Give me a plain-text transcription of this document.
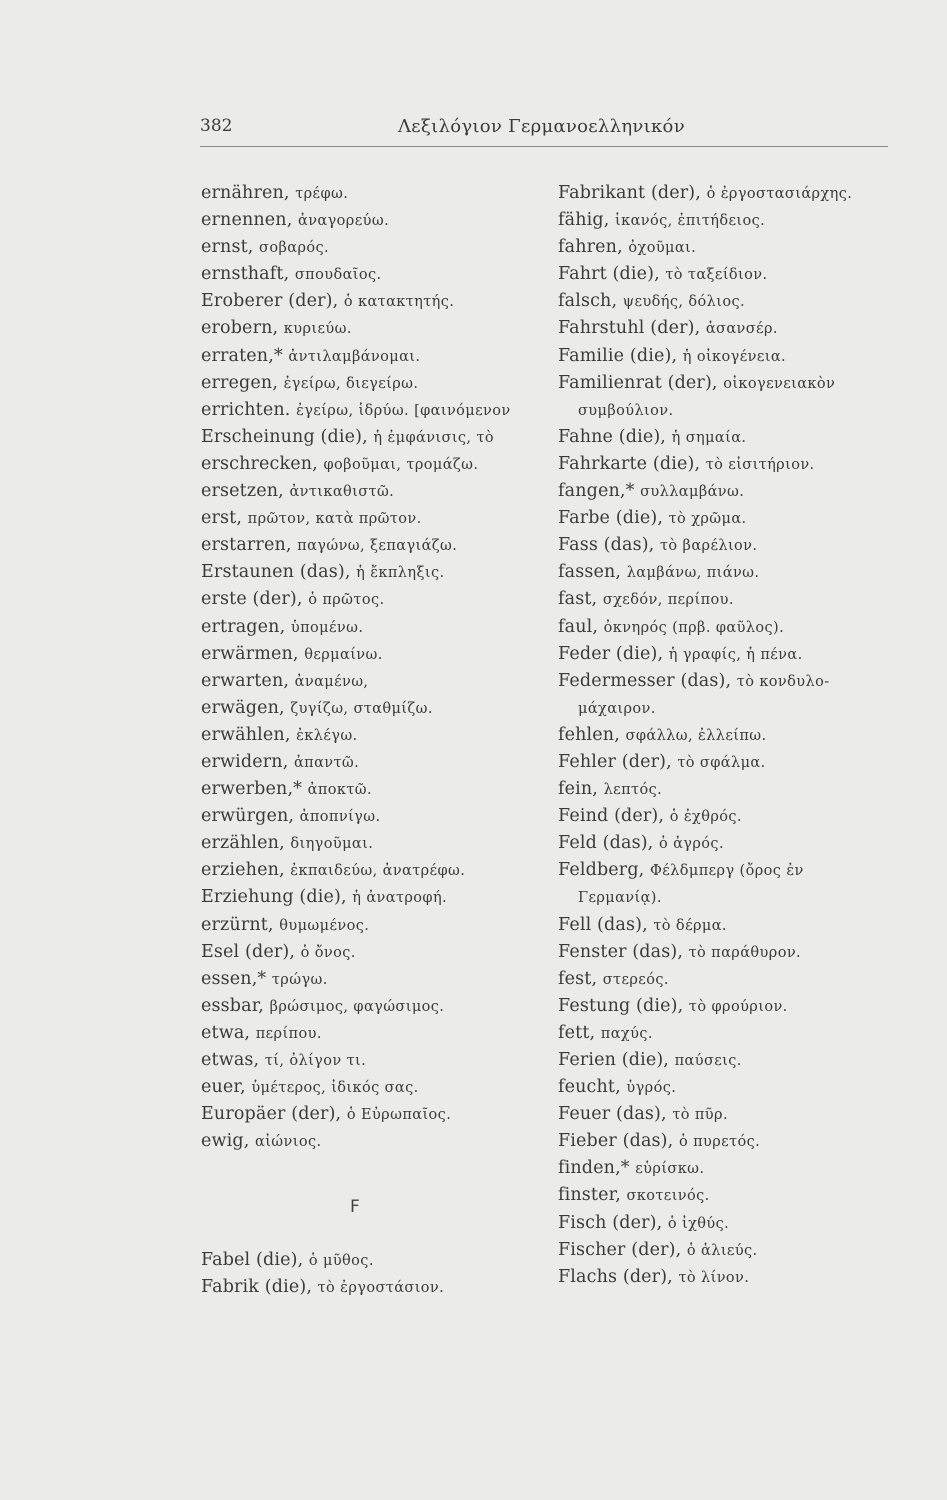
382	Λεξιλόγιον Γερμανοελληνικόν
ernähren, τρέφω.
ernennen, ἀναγορεύω.
ernst, σοβαρός.
ernsthaft, σπουδαῖος.
Eroberer (der), ὁ κατακτητής.
erobern, κυριεύω.
erraten,* ἀντιλαμβάνομαι.
erregen, ἐγείρω, διεγείρω.
errichten. ἐγείρω, ἱδρύω. [φαινόμενον
Erscheinung (die), ἡ ἐμφάνισις, τὸ
erschrecken, φοβοῦμαι, τρομάζω.
ersetzen, ἀντικαθιστῶ.
erst, πρῶτον, κατὰ πρῶτον.
erstarren, παγώνω, ξεπαγιάζω.
Erstaunen (das), ἡ ἔκπληξις.
erste (der), ὁ πρῶτος.
ertragen, ὑπομένω.
erwärmen, θερμαίνω.
erwarten, ἀναμένω,
erwägen, ζυγίζω, σταθμίζω.
erwählen, ἐκλέγω.
erwidern, ἀπαντῶ.
erwerben,* ἀποκτῶ.
erwürgen, ἀποπνίγω.
erzählen, διηγοῦμαι.
erziehen, ἐκπαιδεύω, ἀνατρέφω.
Erziehung (die), ἡ ἀνατροφή.
erzürnt, θυμωμένος.
Esel (der), ὁ ὄνος.
essen,* τρώγω.
essbar, βρώσιμος, φαγώσιμος.
etwa, περίπου.
etwas, τί, ὀλίγον τι.
euer, ὑμέτερος, ἰδικός σας.
Europäer (der), ὁ Εὐρωπαῖος.
ewig, αἰώνιος.
F
Fabel (die), ὁ μῦθος.
Fabrik (die), τὸ ἐργοστάσιον.
Fabrikant (der), ὁ ἐργοστασιάρχης.
fähig, ἱκανός, ἐπιτήδειος.
fahren, ὀχοῦμαι.
Fahrt (die), τὸ ταξείδιον.
falsch, ψευδής, δόλιος.
Fahrstuhl (der), ἀσανσέρ.
Familie (die), ἡ οἰκογένεια.
Familienrat (der), οἰκογενειακὸν
συμβούλιον.
Fahne (die), ἡ σημαία.
Fahrkarte (die), τὸ εἰσιτήριον.
fangen,* συλλαμβάνω.
Farbe (die), τὸ χρῶμα.
Fass (das), τὸ βαρέλιον.
fassen, λαμβάνω, πιάνω.
fast, σχεδόν, περίπου.
faul, ὀκνηρός (πρβ. φαῦλος).
Feder (die), ἡ γραφίς, ἡ πένα.
Federmesser (das), τὸ κονδυλο-
μάχαιρον.
fehlen, σφάλλω, ἐλλείπω.
Fehler (der), τὸ σφάλμα.
fein, λεπτός.
Feind (der), ὁ ἐχθρός.
Feld (das), ὁ ἀγρός.
Feldberg, Φέλδμπεργ (ὄρος ἐν
Γερμανίᾳ).
Fell (das), τὸ δέρμα.
Fenster (das), τὸ παράθυρον.
fest, στερεός.
Festung (die), τὸ φρούριον.
fett, παχύς.
Ferien (die), παύσεις.
feucht, ὑγρός.
Feuer (das), τὸ πῦρ.
Fieber (das), ὁ πυρετός.
finden,* εὑρίσκω.
finster, σκοτεινός.
Fisch (der), ὁ ἰχθύς.
Fischer (der), ὁ ἁλιεύς.
Flachs (der), τὸ λίνον.
